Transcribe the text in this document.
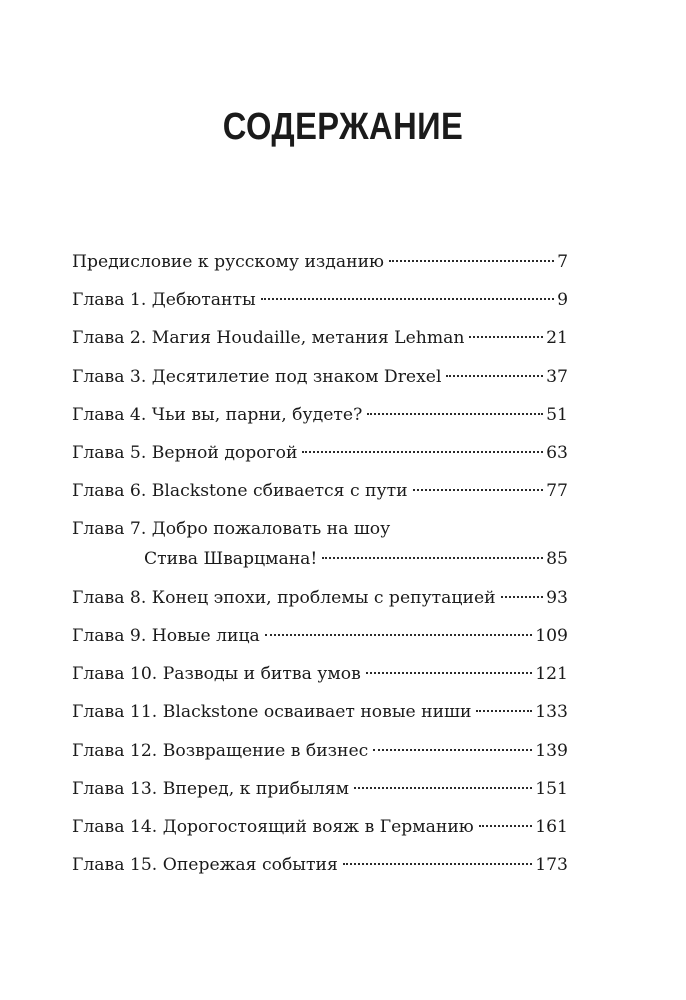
СОДЕРЖАНИЕ
Предисловие к русскому изданию	7
Глава 1. Дебютанты	9
Глава 2. Магия Houdaille, метания Lehman	21
Глава 3. Десятилетие под знаком Drexel	37
Глава 4. Чьи вы, парни, будете?	51
Глава 5. Верной дорогой	63
Глава 6. Blackstone сбивается с пути	77
Глава 7. Добро пожаловать на шоу
Стива Шварцмана!	85
Глава 8. Конец эпохи, проблемы с репутацией	93
Глава 9. Новые лица	109
Глава 10. Разводы и битва умов	121
Глава 11. Blackstone осваивает новые ниши	133
Глава 12. Возвращение в бизнес	139
Глава 13. Вперед, к прибылям	151
Глава 14. Дорогостоящий вояж в Германию	161
Глава 15. Опережая события	173
